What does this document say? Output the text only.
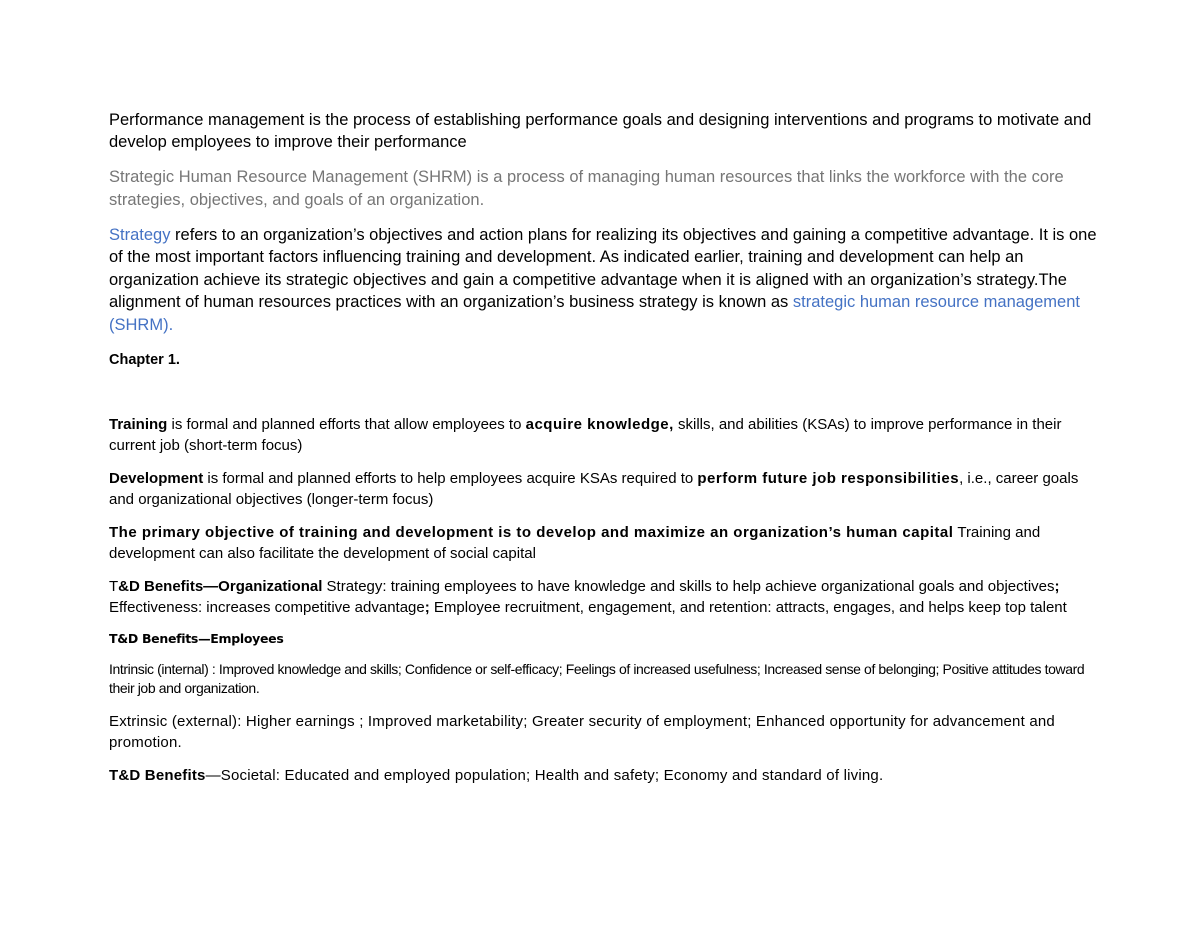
Performance management is the process of establishing performance goals and designing interventions and programs to motivate and develop employees to improve their performance

Strategic Human Resource Management (SHRM) is a process of managing human resources that links the workforce with the core strategies, objectives, and goals of an organization.

Strategy refers to an organization’s objectives and action plans for realizing its objectives and gaining a competitive advantage. It is one of the most important factors influencing training and development. As indicated earlier, training and development can help an organization achieve its strategic objectives and gain a competitive advantage when it is aligned with an organization’s strategy.The alignment of human resources practices with an organization’s business strategy is known as strategic human resource management (SHRM).

Chapter 1.

Training is formal and planned efforts that allow employees to acquire knowledge, skills, and abilities (KSAs) to improve performance in their current job (short-term focus)

Development is formal and planned efforts to help employees acquire KSAs required to perform future job responsibilities, i.e., career goals and organizational objectives (longer-term focus)

The primary objective of training and development is to develop and maximize an organization’s human capital Training and development can also facilitate the development of social capital

T&D Benefits—Organizational Strategy: training employees to have knowledge and skills to help achieve organizational goals and objectives; Effectiveness: increases competitive advantage; Employee recruitment, engagement, and retention: attracts, engages, and helps keep top talent

T&D Benefits—Employees

Intrinsic (internal) : Improved knowledge and skills; Confidence or self-efficacy; Feelings of increased usefulness; Increased sense of belonging; Positive attitudes toward their job and organization.

Extrinsic (external): Higher earnings ; Improved marketability; Greater security of employment; Enhanced opportunity for advancement and promotion.

T&D Benefits—Societal: Educated and employed population; Health and safety; Economy and standard of living.
